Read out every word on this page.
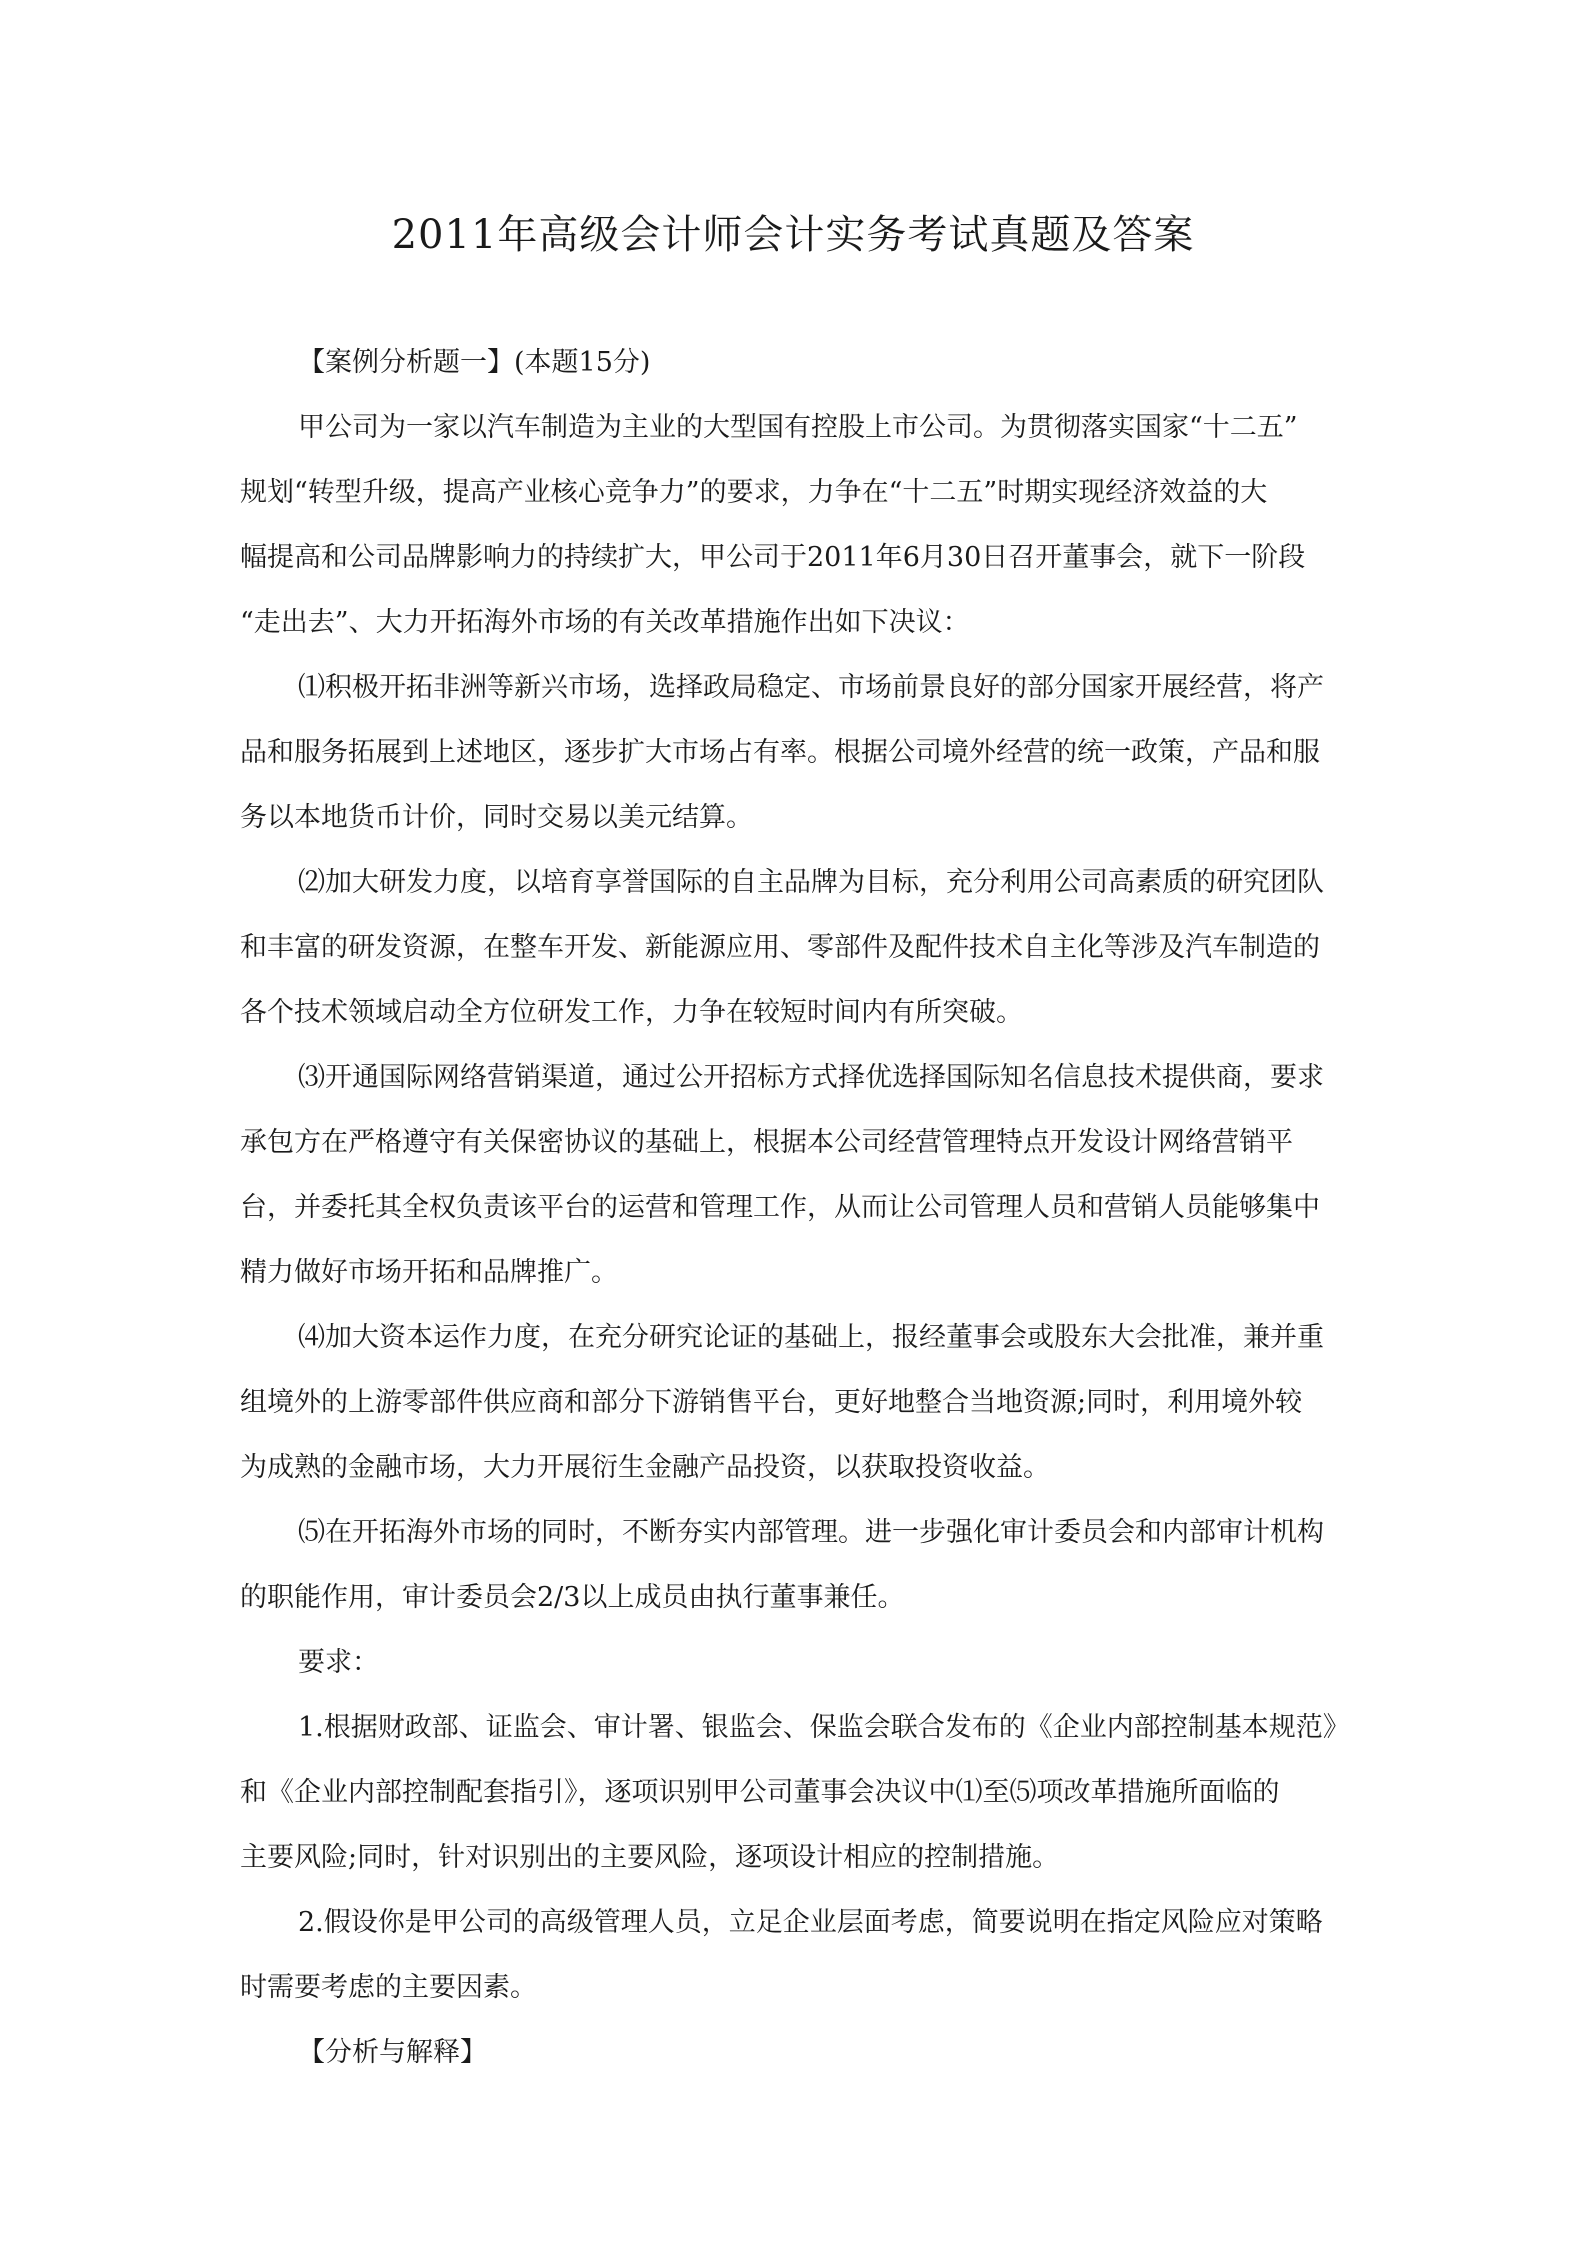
2011年高级会计师会计实务考试真题及答案

【案例分析题一】(本题15分)

甲公司为一家以汽车制造为主业的大型国有控股上市公司。为贯彻落实国家“十二五”
规划“转型升级，提高产业核心竞争力”的要求，力争在“十二五”时期实现经济效益的大
幅提高和公司品牌影响力的持续扩大，甲公司于2011年6月30日召开董事会，就下一阶段
“走出去”、大力开拓海外市场的有关改革措施作出如下决议：
⑴积极开拓非洲等新兴市场，选择政局稳定、市场前景良好的部分国家开展经营，将产
品和服务拓展到上述地区，逐步扩大市场占有率。根据公司境外经营的统一政策，产品和服
务以本地货币计价，同时交易以美元结算。
⑵加大研发力度，以培育享誉国际的自主品牌为目标，充分利用公司高素质的研究团队
和丰富的研发资源，在整车开发、新能源应用、零部件及配件技术自主化等涉及汽车制造的
各个技术领域启动全方位研发工作，力争在较短时间内有所突破。
⑶开通国际网络营销渠道，通过公开招标方式择优选择国际知名信息技术提供商，要求
承包方在严格遵守有关保密协议的基础上，根据本公司经营管理特点开发设计网络营销平
台，并委托其全权负责该平台的运营和管理工作，从而让公司管理人员和营销人员能够集中
精力做好市场开拓和品牌推广。
⑷加大资本运作力度，在充分研究论证的基础上，报经董事会或股东大会批准，兼并重
组境外的上游零部件供应商和部分下游销售平台，更好地整合当地资源;同时，利用境外较
为成熟的金融市场，大力开展衍生金融产品投资，以获取投资收益。
⑸在开拓海外市场的同时，不断夯实内部管理。进一步强化审计委员会和内部审计机构
的职能作用，审计委员会2/3以上成员由执行董事兼任。
要求：
1.根据财政部、证监会、审计署、银监会、保监会联合发布的《企业内部控制基本规范》
和《企业内部控制配套指引》，逐项识别甲公司董事会决议中⑴至⑸项改革措施所面临的
主要风险;同时，针对识别出的主要风险，逐项设计相应的控制措施。
2.假设你是甲公司的高级管理人员，立足企业层面考虑，简要说明在指定风险应对策略
时需要考虑的主要因素。
【分析与解释】
